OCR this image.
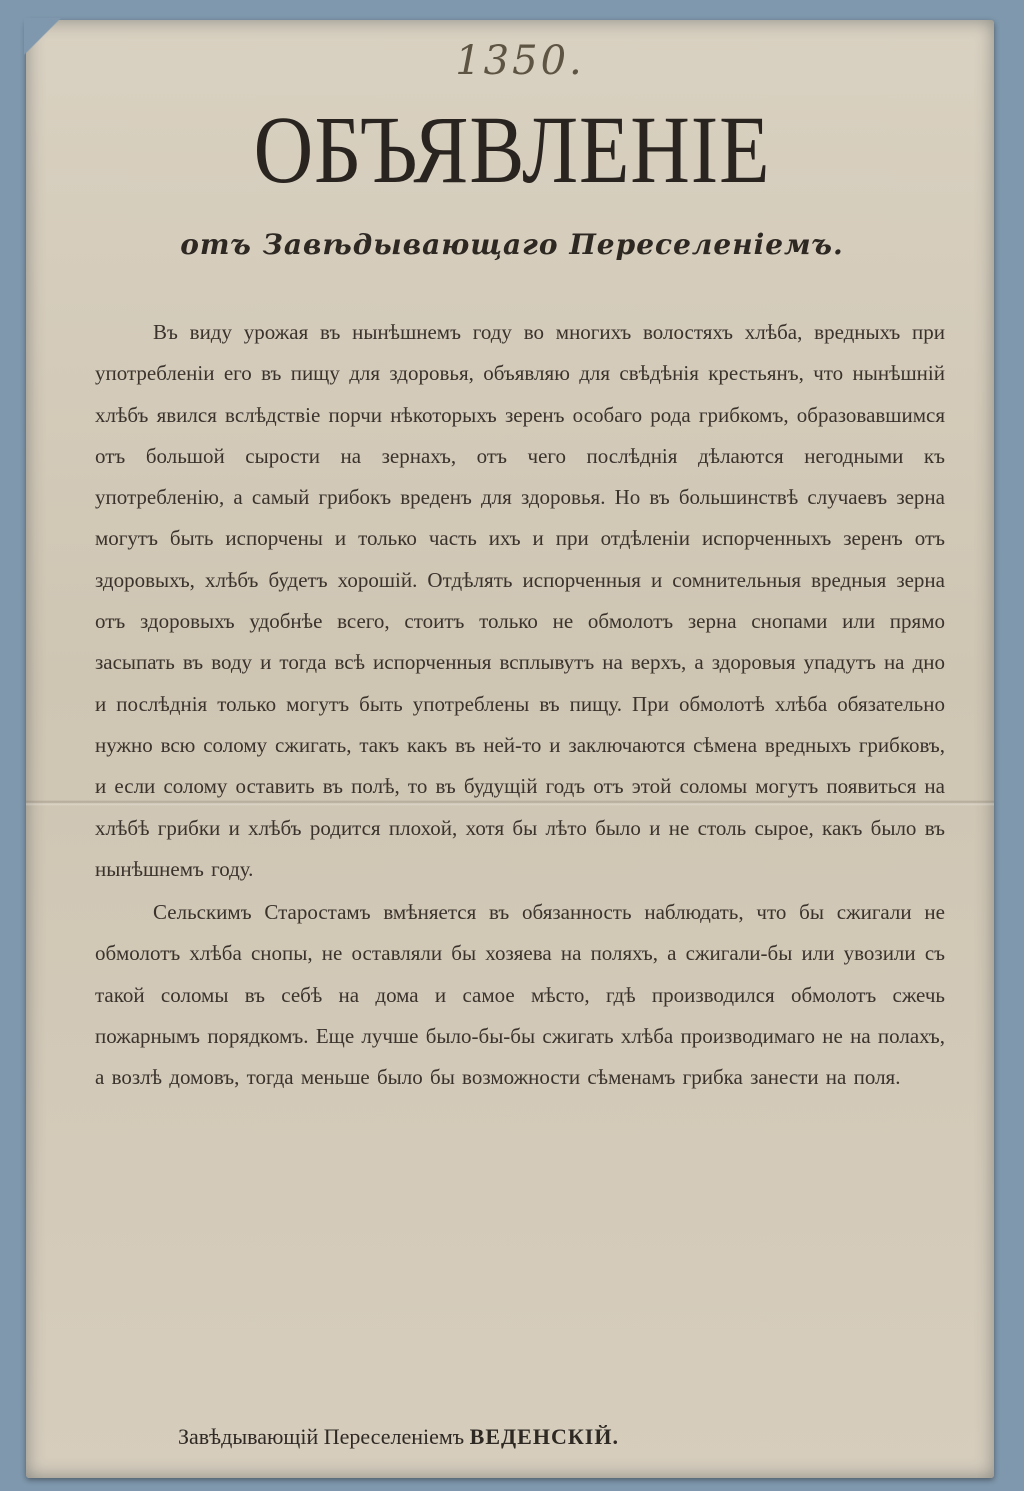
1350.
ОБЪЯВЛЕНІЕ
отъ Завѣдывающаго Переселеніемъ.

Въ виду урожая въ нынѣшнемъ году во многихъ волостяхъ хлѣба, вредныхъ при употребленіи его въ пищу для здоровья, объявляю для свѣдѣнія крестьянъ, что нынѣшній хлѣбъ явился вслѣдствіе порчи нѣкоторыхъ зеренъ особаго рода грибкомъ, образовавшимся отъ большой сырости на зернахъ, отъ чего послѣднія дѣлаются негодными къ употребленію, а самый грибокъ вреденъ для здоровья. Но въ большинствѣ случаевъ зерна могутъ быть испорчены и только часть ихъ и при отдѣленіи испорченныхъ зеренъ отъ здоровыхъ, хлѣбъ будетъ хорошій. Отдѣлять испорченныя и сомнительныя вредныя зерна отъ здоровыхъ удобнѣе всего, стоитъ только не обмолотъ зерна снопами или прямо засыпать въ воду и тогда всѣ испорченныя всплывутъ на верхъ, а здоровыя упадутъ на дно и послѣднія только могутъ быть употреблены въ пищу. При обмолотѣ хлѣба обязательно нужно всю солому сжигать, такъ какъ въ ней-то и заключаются сѣмена вредныхъ грибковъ, и если солому оставить въ полѣ, то въ будущій годъ отъ этой соломы могутъ появиться на хлѣбѣ грибки и хлѣбъ родится плохой, хотя бы лѣто было и не столь сырое, какъ было въ нынѣшнемъ году.

Сельскимъ Старостамъ вмѣняется въ обязанность наблюдать, что бы сжигали не обмолотъ хлѣба снопы, не оставляли бы хозяева на поляхъ, а сжигали-бы или увозили съ такой соломы въ себѣ на дома и самое мѣсто, гдѣ производился обмолотъ сжечь пожарнымъ порядкомъ. Еще лучше было-бы-бы сжигать хлѣба производимаго не на полахъ, а возлѣ домовъ, тогда меньше было бы возможности сѣменамъ грибка занести на поля.

Завѣдывающій Переселеніемъ ВЕДЕНСКІЙ.
